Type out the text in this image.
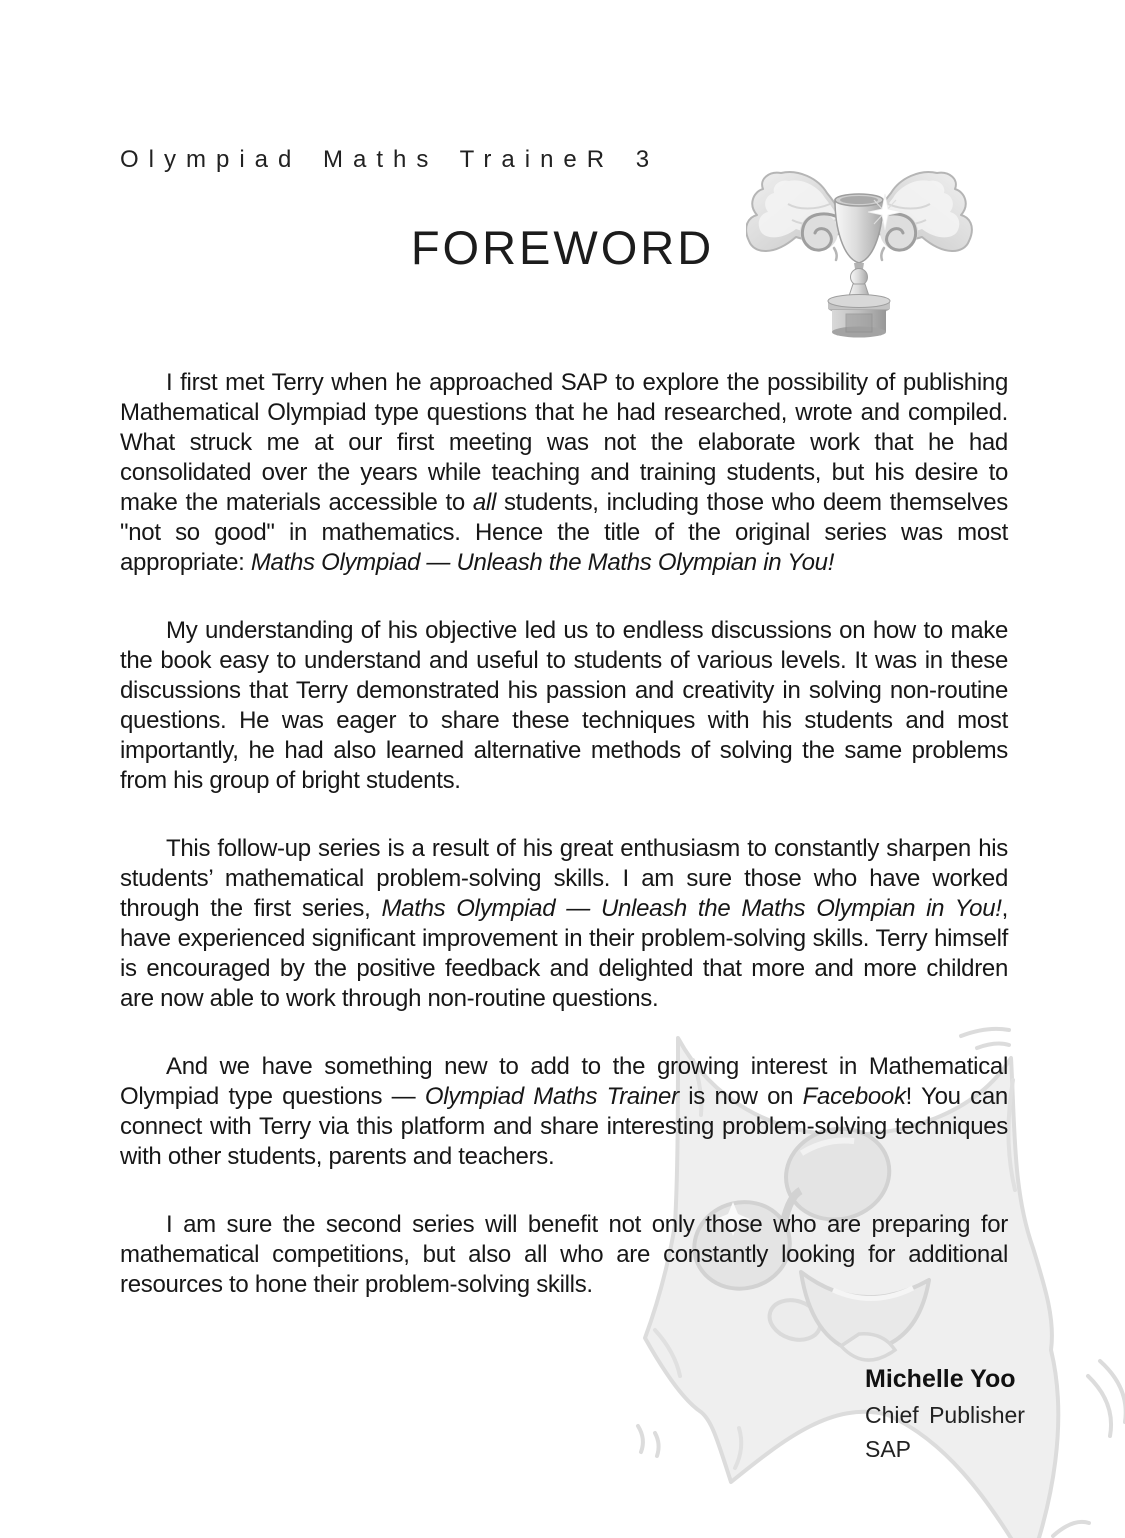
Olympiad Maths TraineR 3
FOREWORD

I first met Terry when he approached SAP to explore the possibility of publishing Mathematical Olympiad type questions that he had researched, wrote and compiled. What struck me at our first meeting was not the elaborate work that he had consolidated over the years while teaching and training students, but his desire to make the materials accessible to all students, including those who deem themselves "not so good" in mathematics. Hence the title of the original series was most appropriate: Maths Olympiad — Unleash the Maths Olympian in You!

My understanding of his objective led us to endless discussions on how to make the book easy to understand and useful to students of various levels. It was in these discussions that Terry demonstrated his passion and creativity in solving non-routine questions. He was eager to share these techniques with his students and most importantly, he had also learned alternative methods of solving the same problems from his group of bright students.

This follow-up series is a result of his great enthusiasm to constantly sharpen his students’ mathematical problem-solving skills. I am sure those who have worked through the first series, Maths Olympiad — Unleash the Maths Olympian in You!, have experienced significant improvement in their problem-solving skills. Terry himself is encouraged by the positive feedback and delighted that more and more children are now able to work through non-routine questions.

And we have something new to add to the growing interest in Mathematical Olympiad type questions — Olympiad Maths Trainer is now on Facebook! You can connect with Terry via this platform and share interesting problem-solving techniques with other students, parents and teachers.

I am sure the second series will benefit not only those who are preparing for mathematical competitions, but also all who are constantly looking for additional resources to hone their problem-solving skills.

Michelle Yoo
Chief Publisher
SAP
